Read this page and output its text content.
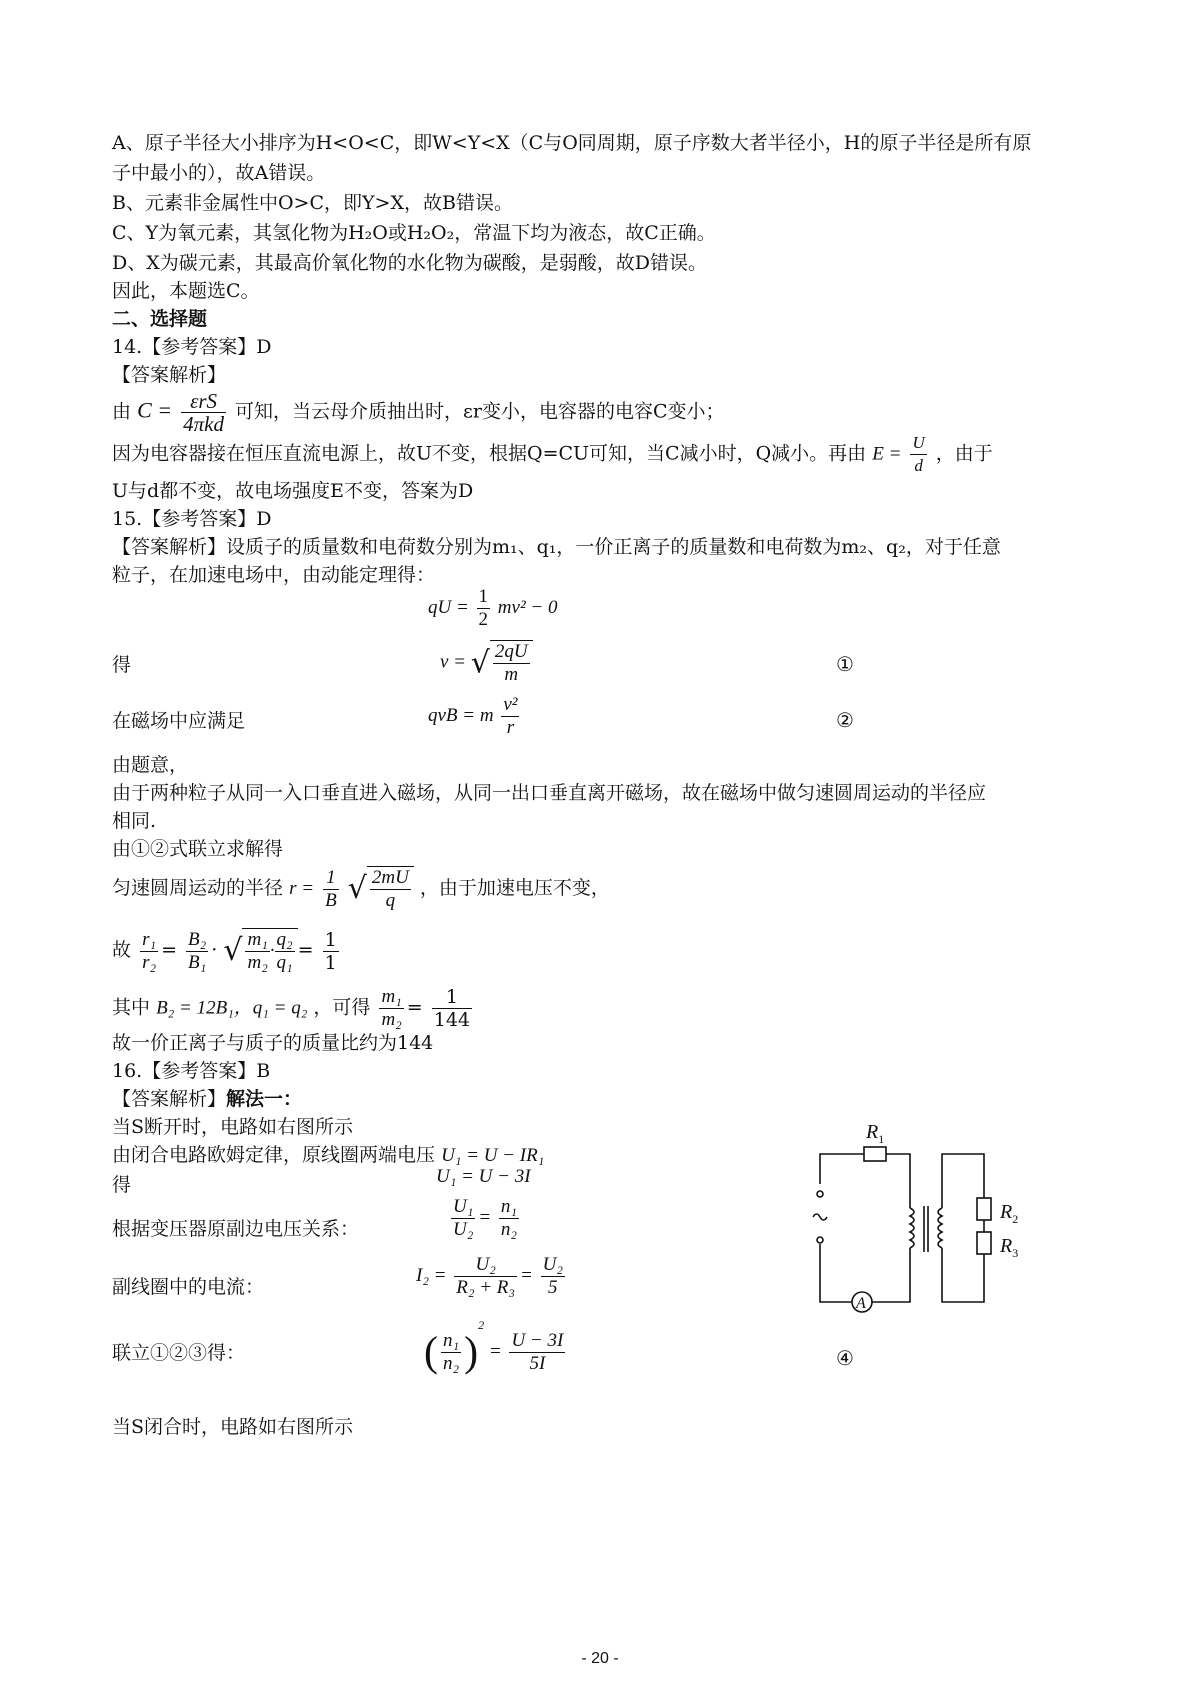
A、原子半径大小排序为H<O<C，即W<Y<X（C与O同周期，原子序数大者半径小，H的原子半径是所有原
子中最小的），故A错误。
B、元素非金属性中O>C，即Y>X，故B错误。
C、Y为氧元素，其氢化物为H₂O或H₂O₂，常温下均为液态，故C正确。
D、X为碳元素，其最高价氧化物的水化物为碳酸，是弱酸，故D错误。
因此，本题选C。
二、选择题
14.【参考答案】D
【答案解析】
由 $C = \frac{\text{εrS}}{\text{4πkd}}$ 可知，当云母介质抽出时，εr变小，电容器的电容C变小；
因为电容器接在恒压直流电源上，故U不变，根据Q=CU可知，当C减小时，Q减小。再由 $E = \frac{U}{d}$ ，由于
U与d都不变，故电场强度E不变，答案为D
15.【参考答案】D
【答案解析】设质子的质量数和电荷数分别为m₁、q₁，一价正离子的质量数和电荷数为m₂、q₂，对于任意
粒子，在加速电场中，由动能定理得：
qU = $\frac{1}{2} mv^2 - 0$
得	v = √ $\frac{2qU}{m}$	①
在磁场中应满足	qvB = m $\frac{\text{v²}}{r}$	②
由题意，
由于两种粒子从同一入口垂直进入磁场，从同一出口垂直离开磁场，故在磁场中做匀速圆周运动的半径应
相同.
由①②式联立求解得
匀速圆周运动的半径 $r = \frac{1}{B}$ √ $\frac{2mU}{q}$ ，由于加速电压不变，
故 $\frac{\text{r₁}}{\text{r₂}} = \frac{\text{B₂}}{\text{B₁}}$ · √ $\frac{\text{m₁}}{\text{m₂}} \cdot \frac{\text{q₂}}{\text{q₁}} = \frac{1}{1}$
其中 B₂ = 12B₁，q₁ = q₂ ，可得 $\frac{\text{m₁}}{\text{m₂}} = \frac{1}{144}$
故一价正离子与质子的质量比约为144
16.【参考答案】B
【答案解析】解法一：
当S断开时，电路如右图所示
由闭合电路欧姆定律，原线圈两端电压 U₁ = U − IR₁
得	U₁ = U − 3I
根据变压器原副边电压关系：	$\frac{\text{U₁}}{\text{U₂}} = \frac{\text{n₁}}{\text{n₂}}$
副线圈中的电流：
$I_2 = \frac{\text{U₂}}{\text{R₂ + R₃}} = \frac{\text{U₂}}{5}$
联立①②③得：	( $\frac{\text{n₁}}{\text{n₂}} )^2 = \frac{U - 3I}{5I}$	④
当S闭合时，电路如右图所示
$R_1$
$R_2$
$R_3$
A
- 20 -
